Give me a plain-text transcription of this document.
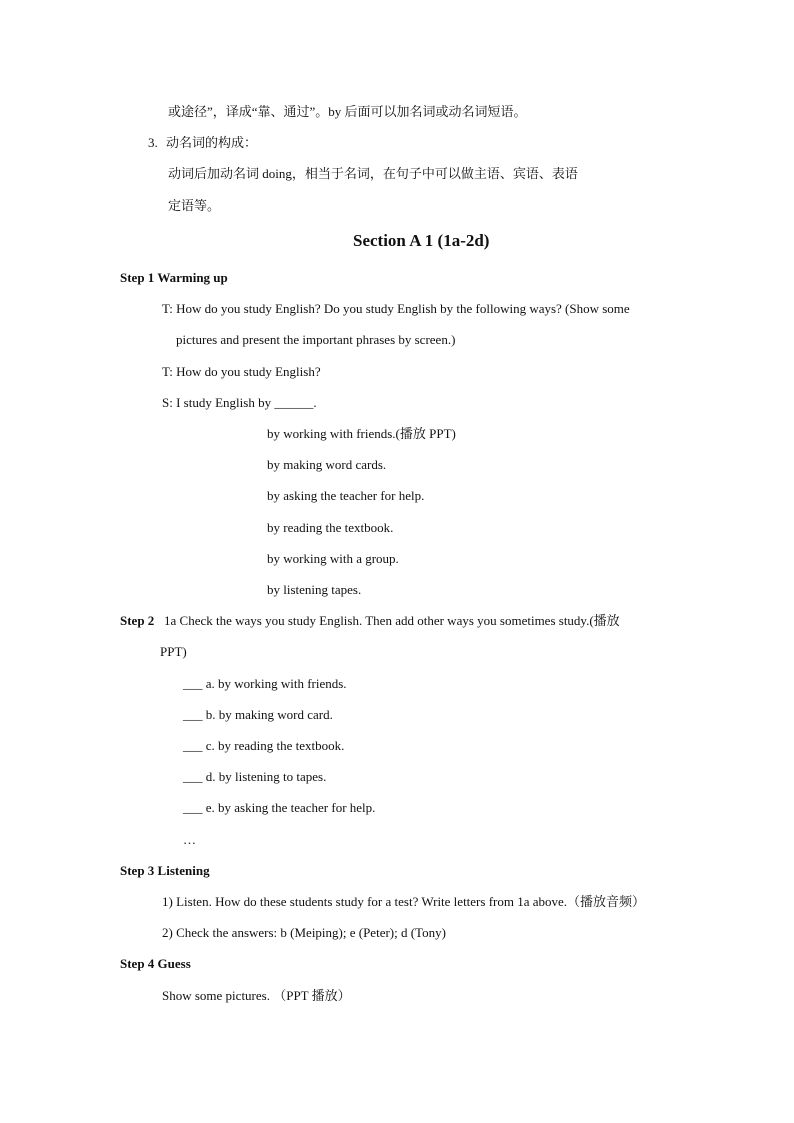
或途径”，译成“靠、通过”。by 后面可以加名词或动名词短语。
3. 动名词的构成：
动词后加动名词 doing，相当于名词，在句子中可以做主语、宾语、表语
定语等。
Section A 1 (1a-2d)
Step 1 Warming up
T: How do you study English? Do you study English by the following ways? (Show some
pictures and present the important phrases by screen.)
T: How do you study English?
S: I study English by ______.
by working with friends.(播放 PPT)
by making word cards.
by asking the teacher for help.
by reading the textbook.
by working with a group.
by listening tapes.
Step 2 1a Check the ways you study English. Then add other ways you sometimes study.(播放
PPT)
___ a. by working with friends.
___ b. by making word card.
___ c. by reading the textbook.
___ d. by listening to tapes.
___ e. by asking the teacher for help.
…
Step 3 Listening
1) Listen. How do these students study for a test? Write letters from 1a above.（播放音频）
2) Check the answers: b (Meiping); e (Peter); d (Tony)
Step 4 Guess
Show some pictures. （PPT 播放）
